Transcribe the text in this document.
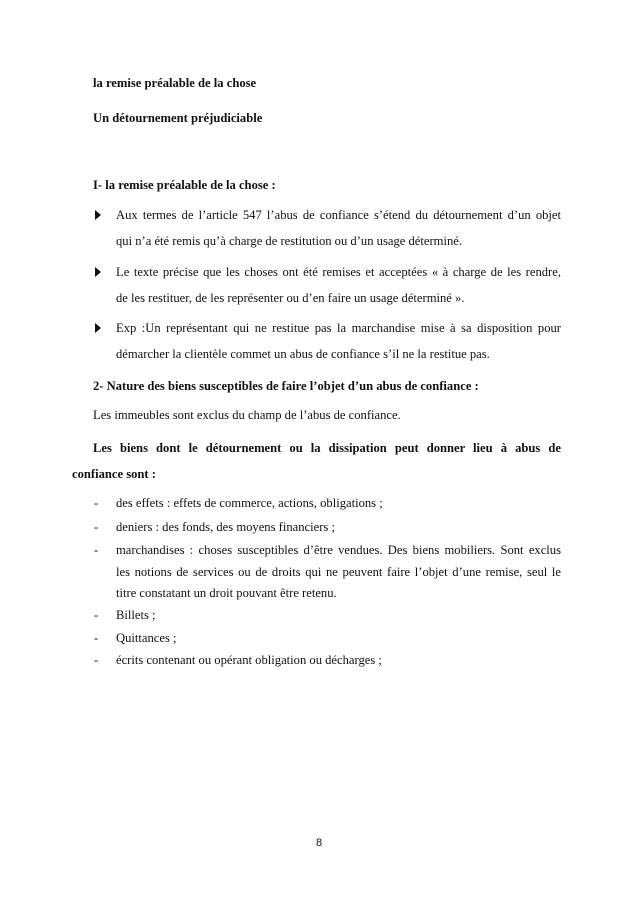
la remise préalable de la chose
Un détournement préjudiciable
I- la remise préalable de la chose :
Aux termes de l’article 547 l’abus de confiance s’étend du détournement d’un objet
qui n’a été remis qu’à charge de restitution ou d’un usage déterminé.
Le texte précise que les choses ont été remises et acceptées « à charge de les rendre,
de les restituer, de les représenter ou d’en faire un usage déterminé ».
Exp :Un représentant qui ne restitue pas la marchandise mise à sa disposition pour
démarcher la clientèle commet un abus de confiance s’il ne la restitue pas.
2- Nature des biens susceptibles de faire l’objet d’un abus de confiance :
Les immeubles sont exclus du champ de l’abus de confiance.
Les biens dont le détournement ou la dissipation peut donner lieu à abus de
confiance sont :
- des effets : effets de commerce, actions, obligations ;
- deniers : des fonds, des moyens financiers ;
- marchandises : choses susceptibles d’être vendues. Des biens mobiliers. Sont exclus
les notions de services ou de droits qui ne peuvent faire l’objet d’une remise, seul le
titre constatant un droit pouvant être retenu.
- Billets ;
- Quittances ;
- écrits contenant ou opérant obligation ou décharges ;
8
